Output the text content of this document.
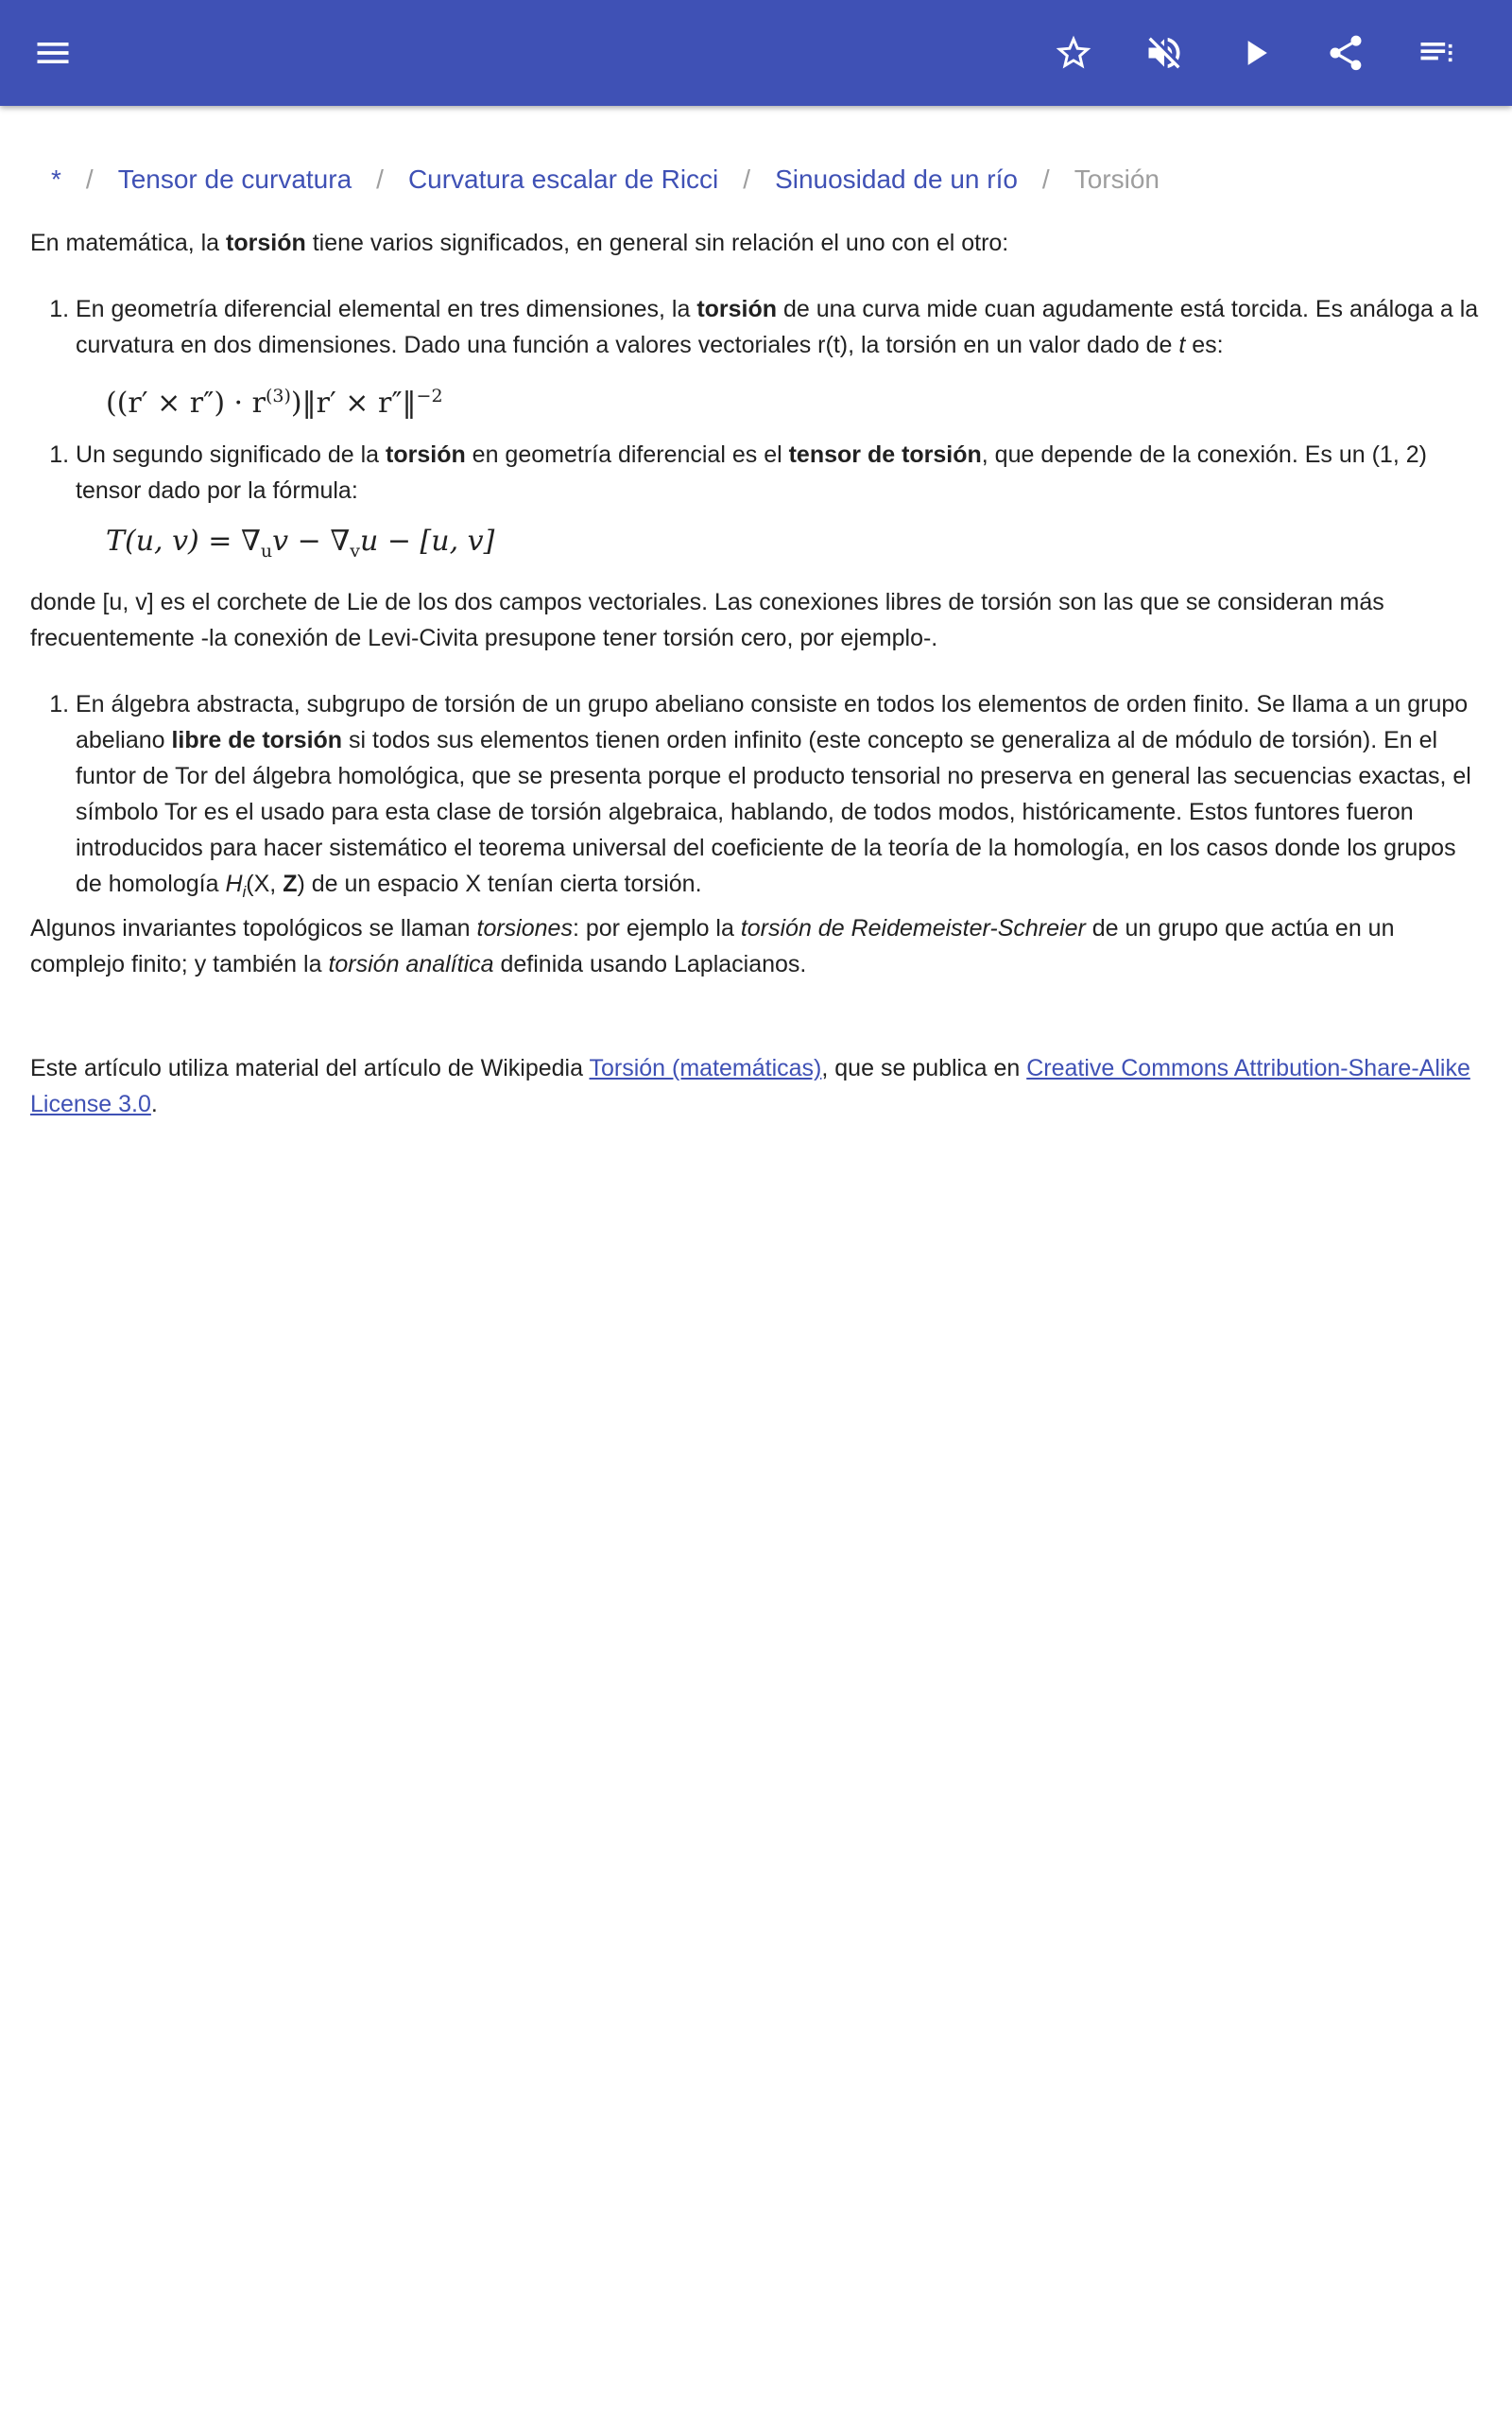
* / Tensor de curvatura / Curvatura escalar de Ricci / Sinuosidad de un río / Torsión

En matemática, la torsión tiene varios significados, en general sin relación el uno con el otro:

1. En geometría diferencial elemental en tres dimensiones, la torsión de una curva mide cuan agudamente está torcida. Es análoga a la curvatura en dos dimensiones. Dado una función a valores vectoriales r(t), la torsión en un valor dado de t es:
$((r' \times r'') \cdot r^{(3)})‖r'$ × r″‖$^{-2}$
1. Un segundo significado de la torsión en geometría diferencial es el tensor de torsión, que depende de la conexión. Es un (1, 2) tensor dado por la fórmula:
T(u, $v) = \nabla_uv - \nabla_vu - [u$, v]

donde [u, v] es el corchete de Lie de los dos campos vectoriales. Las conexiones libres de torsión son las que se consideran más frecuentemente -la conexión de Levi-Civita presupone tener torsión cero, por ejemplo-.

1. En álgebra abstracta, subgrupo de torsión de un grupo abeliano consiste en todos los elementos de orden finito. Se llama a un grupo abeliano libre de torsión si todos sus elementos tienen orden infinito (este concepto se generaliza al de módulo de torsión). En el funtor de Tor del álgebra homológica, que se presenta porque el producto tensorial no preserva en general las secuencias exactas, el símbolo Tor es el usado para esta clase de torsión algebraica, hablando, de todos modos, históricamente. Estos funtores fueron introducidos para hacer sistemático el teorema universal del coeficiente de la teoría de la homología, en los casos donde los grupos de homología $H_i(X$, Z) de un espacio X tenían cierta torsión.

Algunos invariantes topológicos se llaman torsiones: por ejemplo la torsión de Reidemeister-Schreier de un grupo que actúa en un complejo finito; y también la torsión analítica definida usando Laplacianos.

Este artículo utiliza material del artículo de Wikipedia Torsión (matemáticas), que se publica en Creative Commons Attribution-Share-Alike License 3.0.
